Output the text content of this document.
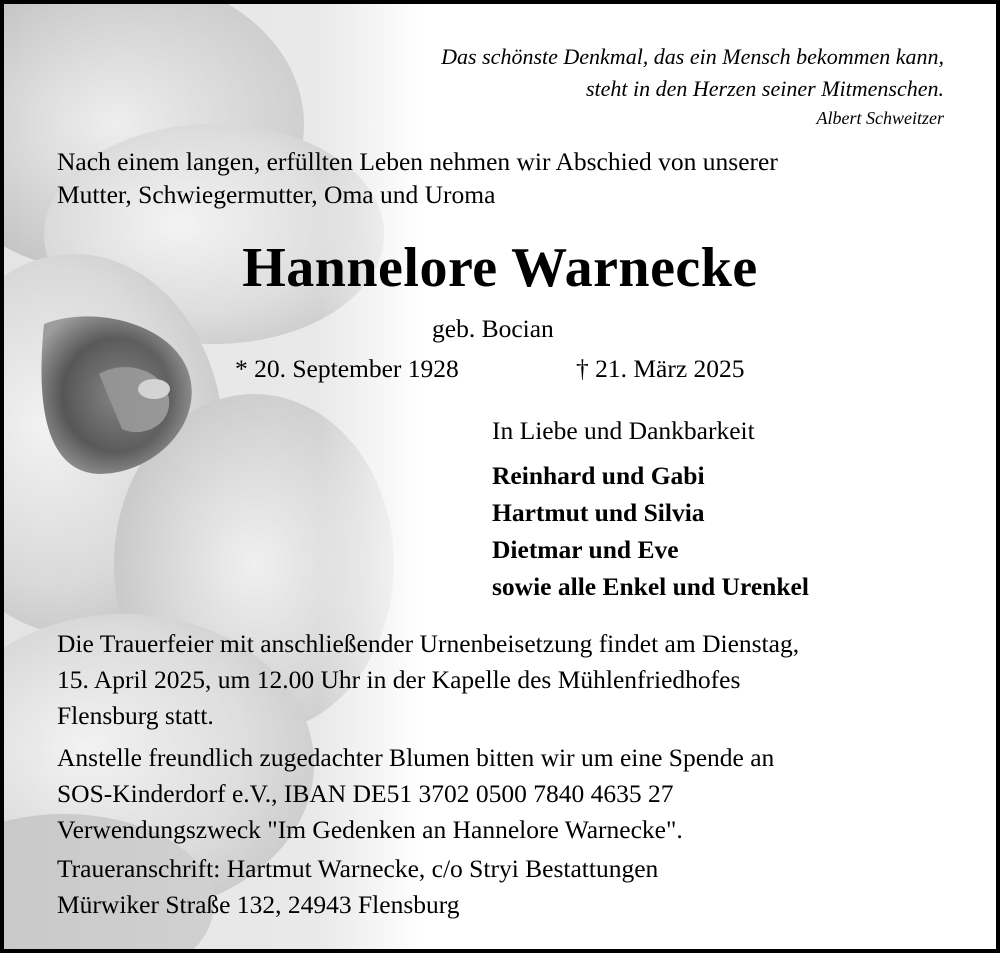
Das schönste Denkmal, das ein Mensch bekommen kann,
steht in den Herzen seiner Mitmenschen.
Albert Schweitzer
Nach einem langen, erfüllten Leben nehmen wir Abschied von unserer
Mutter, Schwiegermutter, Oma und Uroma
Hannelore Warnecke
geb. Bocian
* 20. September 1928	† 21. März 2025
In Liebe und Dankbarkeit
Reinhard und Gabi
Hartmut und Silvia
Dietmar und Eve
sowie alle Enkel und Urenkel
Die Trauerfeier mit anschließender Urnenbeisetzung findet am Dienstag,
15. April 2025, um 12.00 Uhr in der Kapelle des Mühlenfriedhofes
Flensburg statt.
Anstelle freundlich zugedachter Blumen bitten wir um eine Spende an
SOS-Kinderdorf e.V., IBAN DE51 3702 0500 7840 4635 27
Verwendungszweck "Im Gedenken an Hannelore Warnecke".
Traueranschrift: Hartmut Warnecke, c/o Stryi Bestattungen
Mürwiker Straße 132, 24943 Flensburg
